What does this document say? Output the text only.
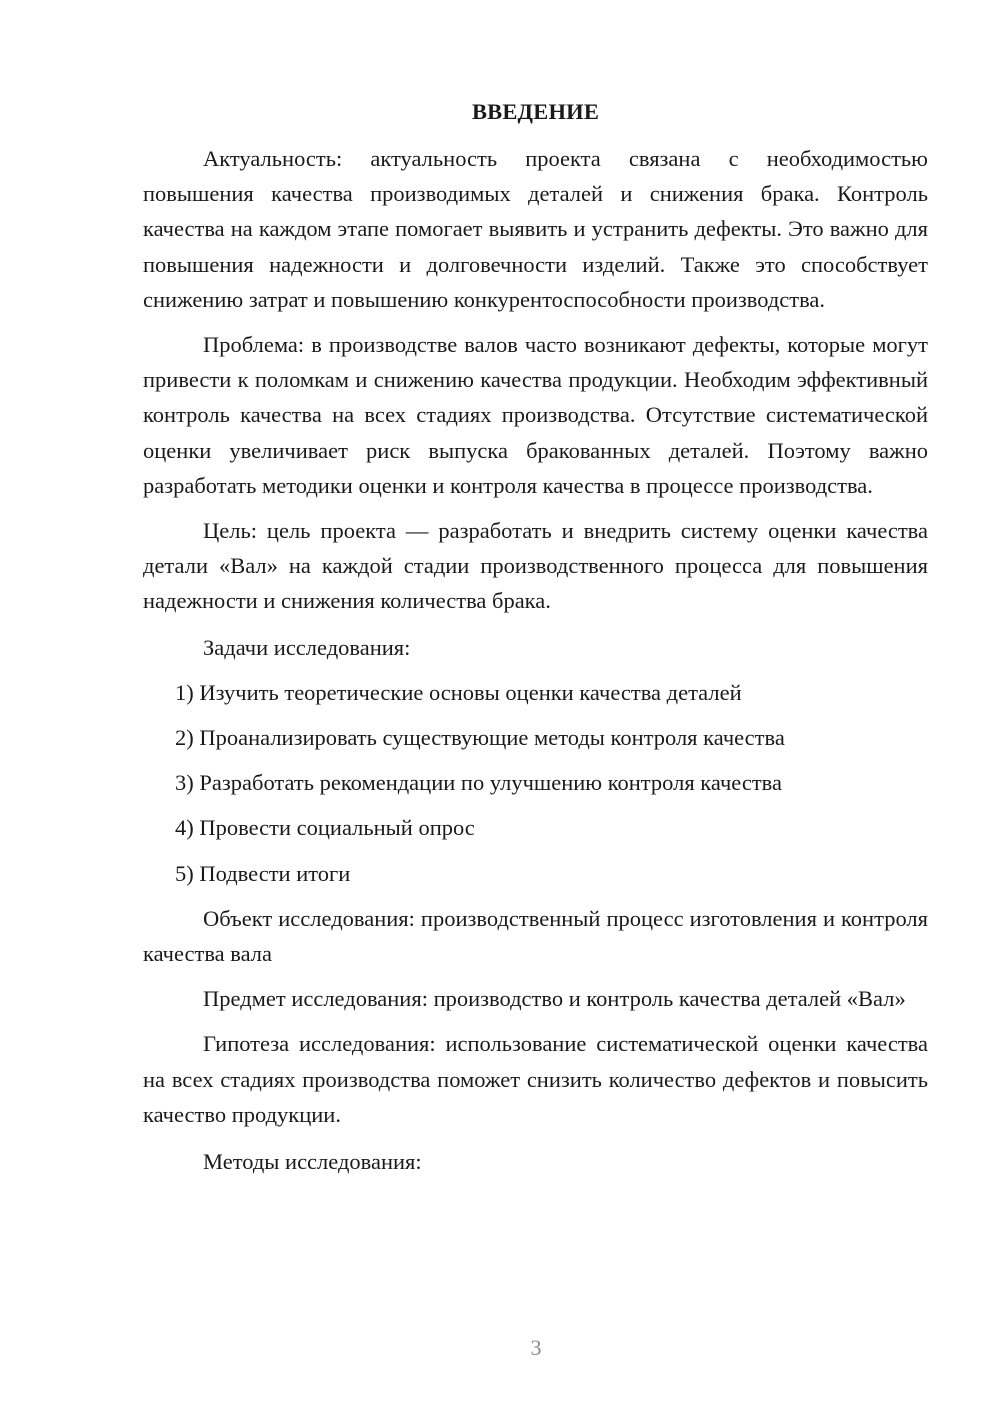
ВВЕДЕНИЕ

Актуальность: актуальность проекта связана с необходимостью повышения качества производимых деталей и снижения брака. Контроль качества на каждом этапе помогает выявить и устранить дефекты. Это важно для повышения надежности и долговечности изделий. Также это способствует снижению затрат и повышению конкурентоспособности производства.

Проблема: в производстве валов часто возникают дефекты, которые могут привести к поломкам и снижению качества продукции. Необходим эффективный контроль качества на всех стадиях производства. Отсутствие систематической оценки увеличивает риск выпуска бракованных деталей. Поэтому важно разработать методики оценки и контроля качества в процессе производства.

Цель: цель проекта — разработать и внедрить систему оценки качества детали «Вал» на каждой стадии производственного процесса для повышения надежности и снижения количества брака.

Задачи исследования:

1) Изучить теоретические основы оценки качества деталей
2) Проанализировать существующие методы контроля качества
3) Разработать рекомендации по улучшению контроля качества
4) Провести социальный опрос
5) Подвести итоги

Объект исследования: производственный процесс изготовления и контроля качества вала

Предмет исследования: производство и контроль качества деталей «Вал»

Гипотеза исследования: использование систематической оценки качества на всех стадиях производства поможет снизить количество дефектов и повысить качество продукции.

Методы исследования:

3
